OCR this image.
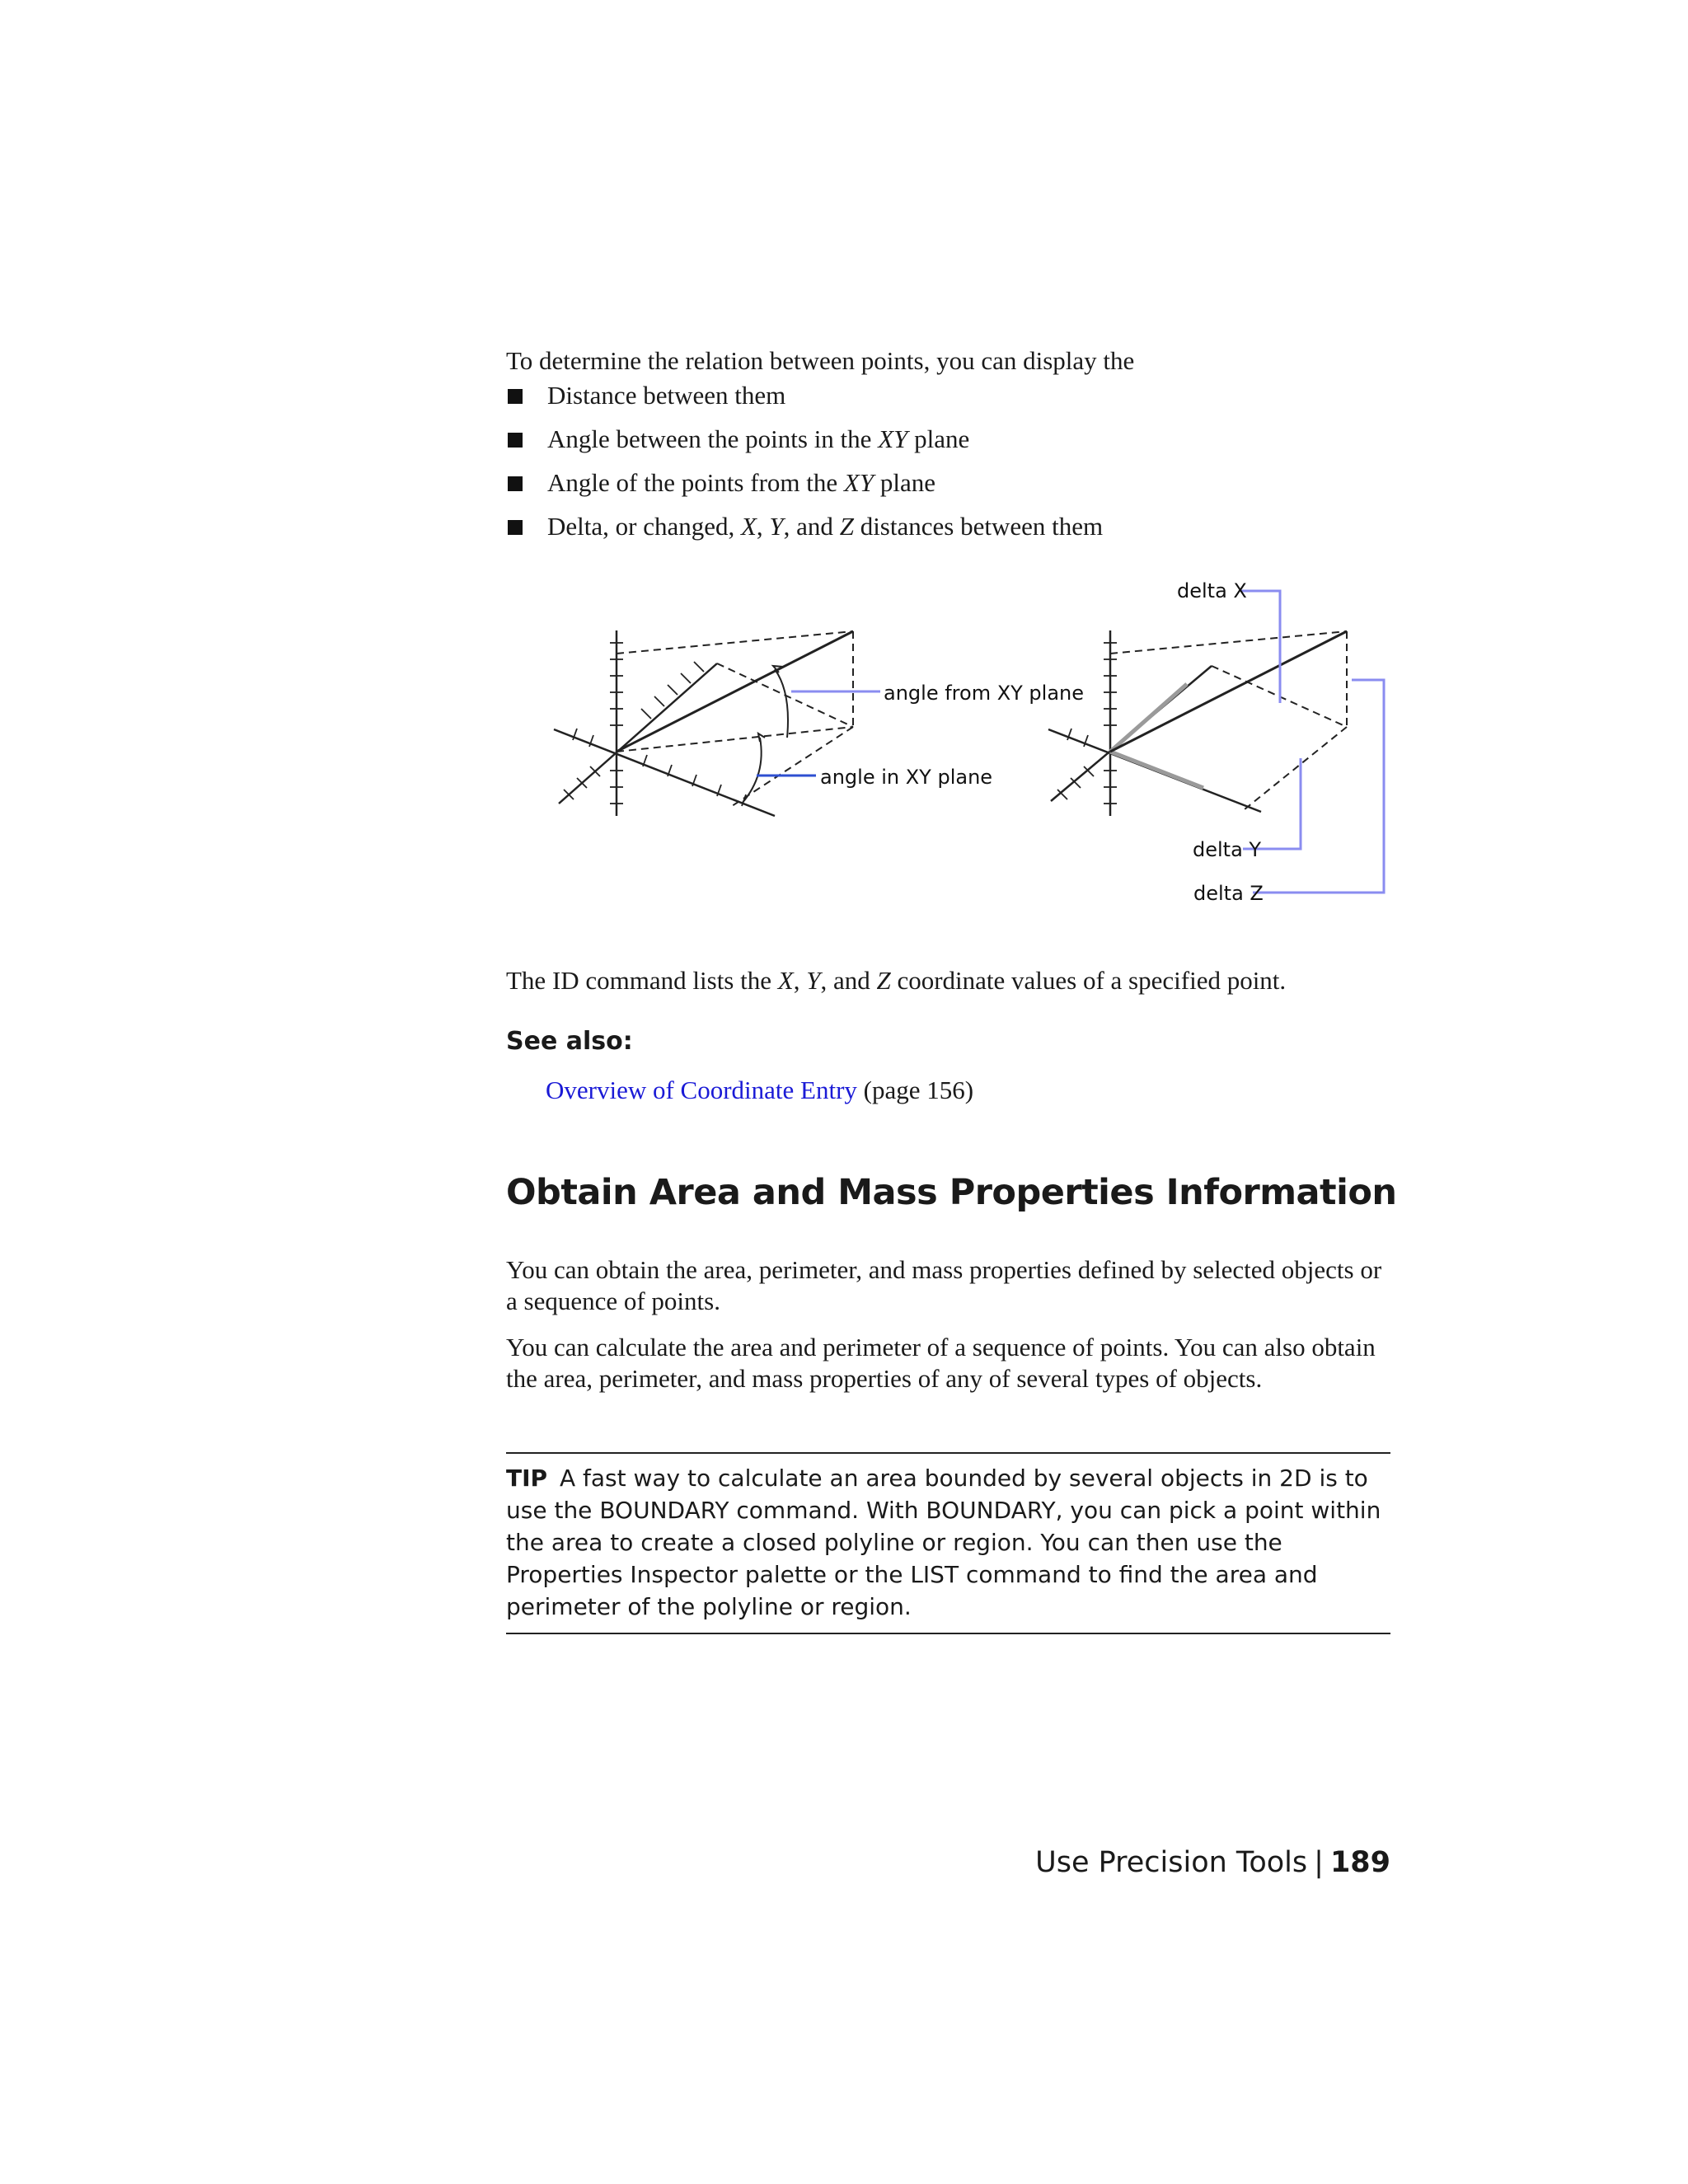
To determine the relation between points, you can display the

Distance between them
Angle between the points in the XY plane
Angle of the points from the XY plane
Delta, or changed, X, Y, and Z distances between them
angle from XY plane
angle in XY plane
delta X
delta Y
delta Z

The ID command lists the X, Y, and Z coordinate values of a specified point.

See also:

Overview of Coordinate Entry (page 156)

Obtain Area and Mass Properties Information

You can obtain the area, perimeter, and mass properties defined by selected objects or a sequence of points.

You can calculate the area and perimeter of a sequence of points. You can also obtain the area, perimeter, and mass properties of any of several types of objects.

TIP A fast way to calculate an area bounded by several objects in 2D is to use the BOUNDARY command. With BOUNDARY, you can pick a point within the area to create a closed polyline or region. You can then use the Properties Inspector palette or the LIST command to find the area and perimeter of the polyline or region.
Use Precision Tools | 189
